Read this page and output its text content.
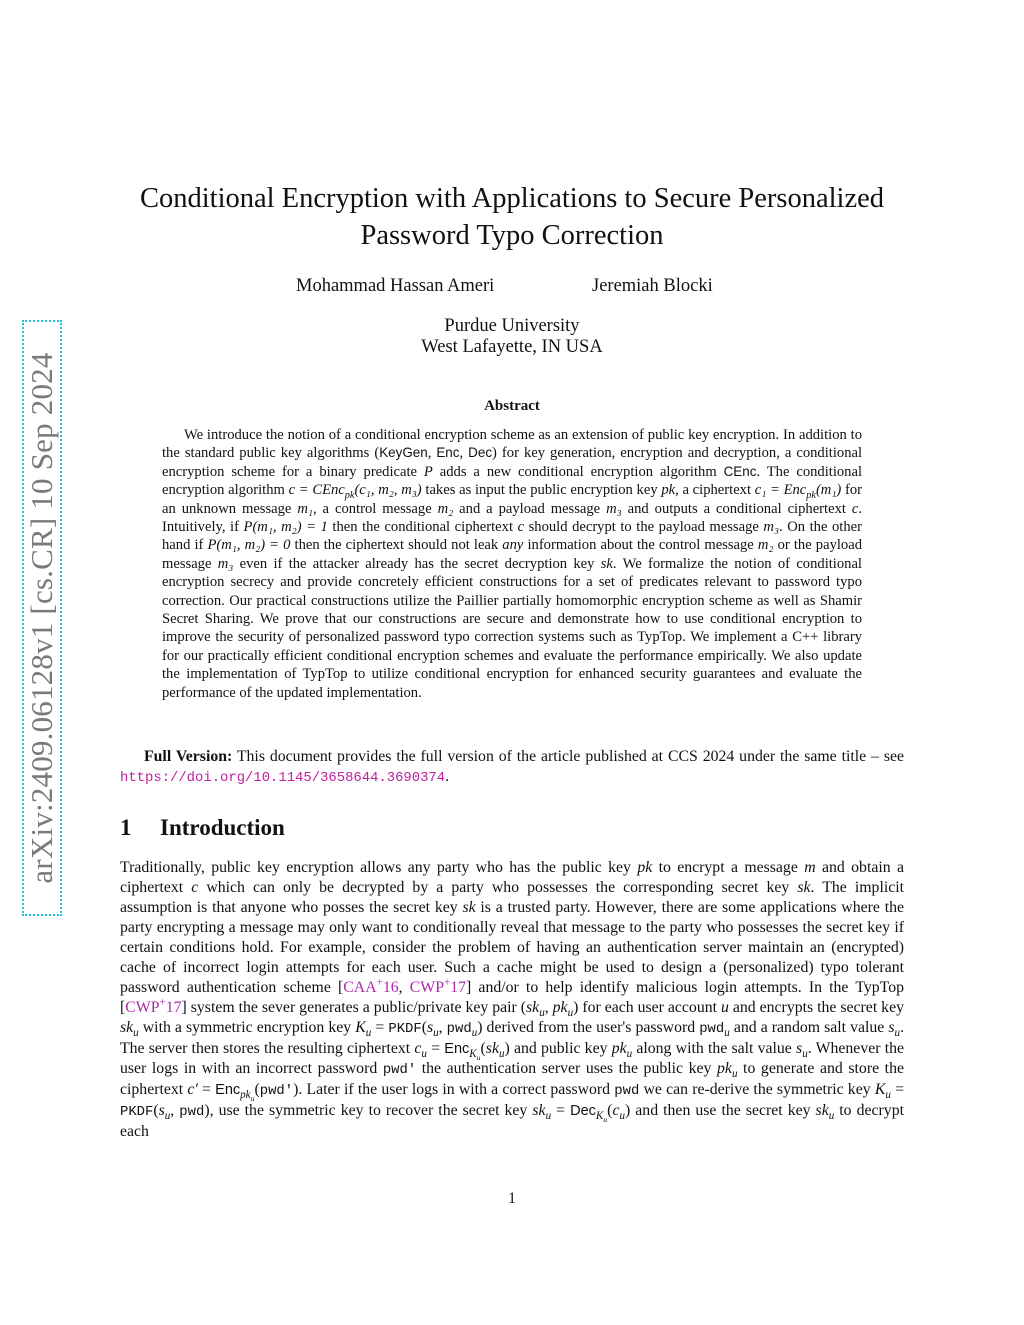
arXiv:2409.06128v1 [cs.CR] 10 Sep 2024
Conditional Encryption with Applications to Secure Personalized Password Typo Correction
Mohammad Hassan Ameri	Jeremiah Blocki
Purdue University
West Lafayette, IN USA
Abstract
We introduce the notion of a conditional encryption scheme as an extension of public key encryption. In addition to the standard public key algorithms (KeyGen, Enc, Dec) for key generation, encryption and decryption, a conditional encryption scheme for a binary predicate P adds a new conditional encryption algorithm CEnc. The conditional encryption algorithm c = CEnc$_{pk}$(c₁, m₂, m₃) takes as input the public encryption key pk, a ciphertext c₁ = Enc$_{pk}$(m₁) for an unknown message m₁, a control message m₂ and a payload message m₃ and outputs a conditional ciphertext c. Intuitively, if P(m₁, m₂) = 1 then the conditional ciphertext c should decrypt to the payload message m₃. On the other hand if P(m₁, m₂) = 0 then the ciphertext should not leak any information about the control message m₂ or the payload message m₃ even if the attacker already has the secret decryption key sk. We formalize the notion of conditional encryption secrecy and provide concretely efficient constructions for a set of predicates relevant to password typo correction. Our practical constructions utilize the Paillier partially homomorphic encryption scheme as well as Shamir Secret Sharing. We prove that our constructions are secure and demonstrate how to use conditional encryption to improve the security of personalized password typo correction systems such as TypTop. We implement a C++ library for our practically efficient conditional encryption schemes and evaluate the performance empirically. We also update the implementation of TypTop to utilize conditional encryption for enhanced security guarantees and evaluate the performance of the updated implementation.
Full Version: This document provides the full version of the article published at CCS 2024 under the same title – see https://doi.org/10.1145/3658644.3690374.
1 Introduction
Traditionally, public key encryption allows any party who has the public key pk to encrypt a message m and obtain a ciphertext c which can only be decrypted by a party who possesses the corresponding secret key sk. The implicit assumption is that anyone who posses the secret key sk is a trusted party. However, there are some applications where the party encrypting a message may only want to conditionally reveal that message to the party who possesses the secret key if certain conditions hold. For example, consider the problem of having an authentication server maintain an (encrypted) cache of incorrect login attempts for each user. Such a cache might be used to design a (personalized) typo tolerant password authentication scheme [CAA+16, CWP+17] and/or to help identify malicious login attempts. In the TypTop [CWP+17] system the sever generates a public/private key pair ($sk_u$, $pk_u$) for each user account u and encrypts the secret key $sk_u$ with a symmetric encryption key $K_u$ = $PKDF(s_u$, pwd$_u$) derived from the user's password pwd$_u$ and a random salt value $s_u$. The server then stores the resulting ciphertext $c_u = Enc_{K_u}(sk_u)$ and public key $pk_u$ along with the salt value $s_u$. Whenever the user logs in with an incorrect password pwd′ the authentication server uses the public key $pk_u$ to generate and store the ciphertext c′ = Enc$_{pk_u}$(pwd′). Later if the user logs in with a correct password pwd we can re-derive the symmetric key $K_u$ = $PKDF(s_u$, pwd), use the symmetric key to recover the secret key $sk_u = Dec_{K_u}(c_u)$ and then use the secret key $sk_u$ to decrypt each
1
